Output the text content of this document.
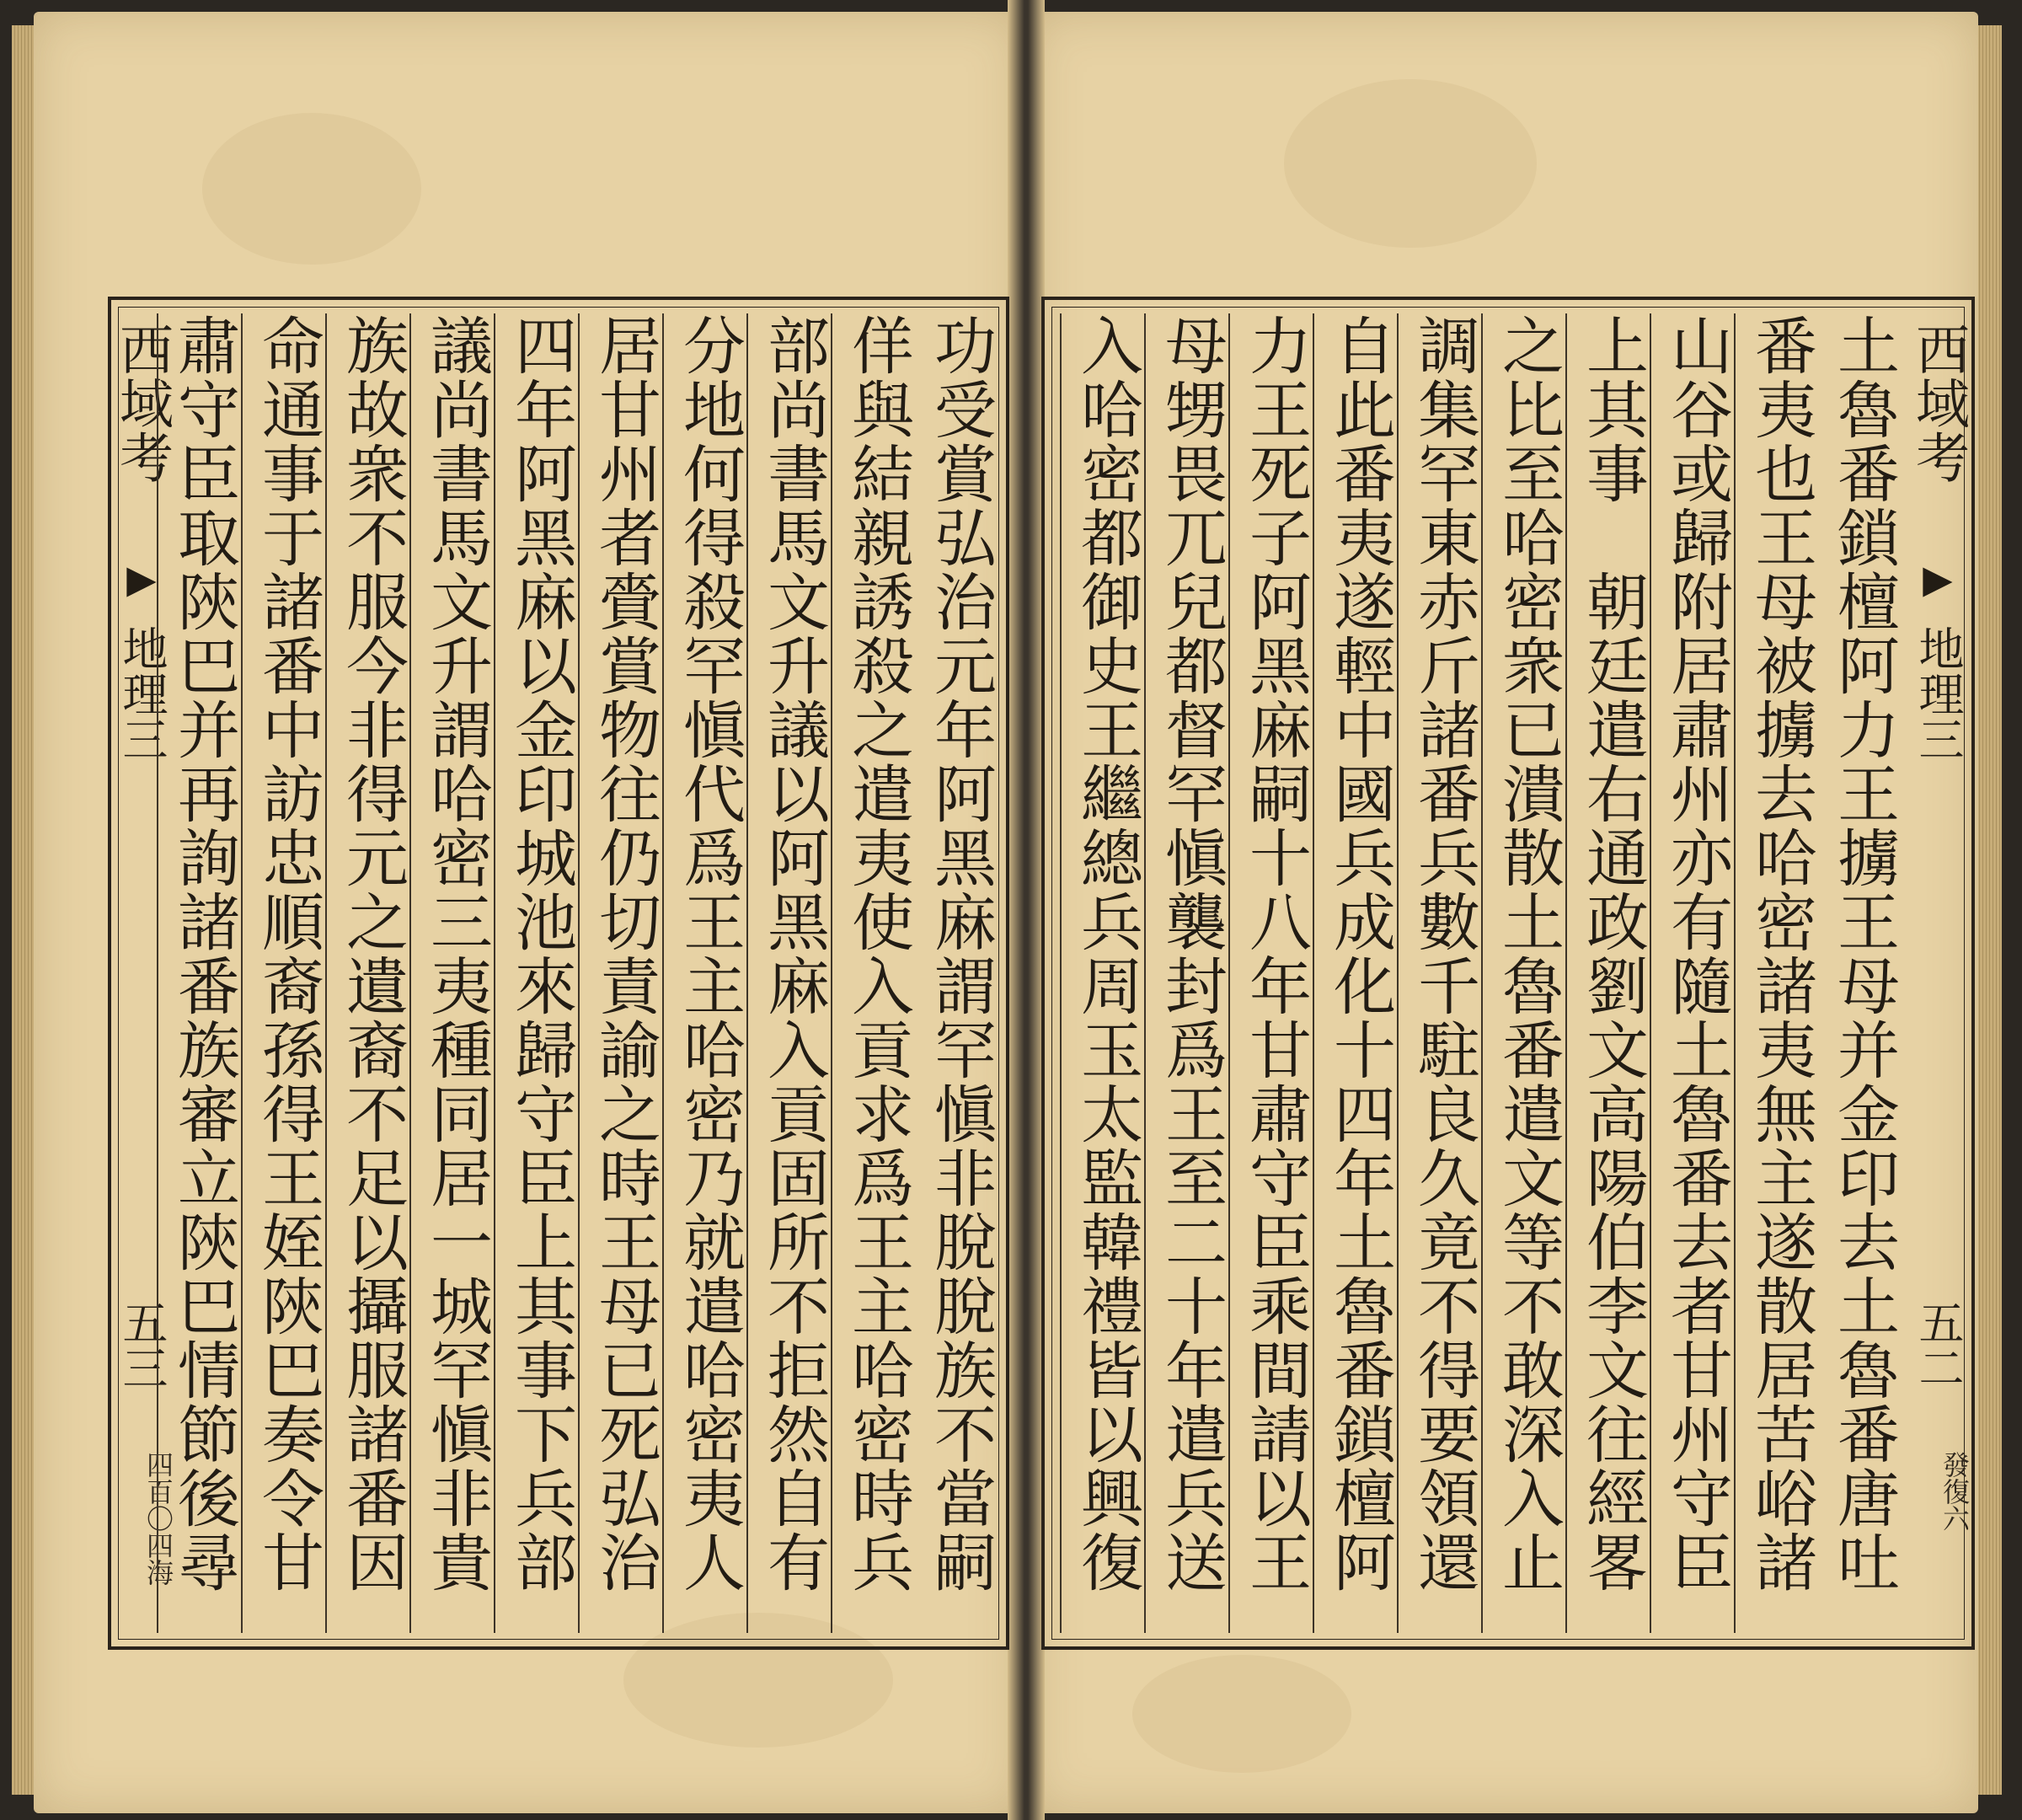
西域考
▶
地理三
五三
四百〇四海	功受賞弘治元年阿黑麻謂罕愼非脫脫族不當嗣
佯與結親誘殺之遣夷使入貢求爲王主哈密時兵
部尚書馬文升議以阿黑麻入貢固所不拒然自有
分地何得殺罕愼代爲王主哈密乃就遣哈密夷人
居甘州者賫賞物往仍切責諭之時王母已死弘治
四年阿黑麻以金印城池來歸守臣上其事下兵部
議尚書馬文升謂哈密三夷種同居一城罕愼非貴
族故衆不服今非得元之遺裔不足以攝服諸番因
命通事于諸番中訪忠順裔孫得王姪陝巴奏令甘
肅守臣取陝巴并再詢諸番族審立陝巴情節後尋	西域考
▶
地理三
五二
發復六
土魯番鎖檀阿力王擄王母并金印去土魯番唐吐
番夷也王母被擄去哈密諸夷無主遂散居苦峪諸
山谷或歸附居肅州亦有隨土魯番去者甘州守臣
上其事　朝廷遣右通政劉文高陽伯李文往經畧
之比至哈密衆已潰散土魯番遣文等不敢深入止
調集罕東赤斤諸番兵數千駐良久竟不得要領還
自此番夷遂輕中國兵成化十四年土魯番鎖檀阿
力王死子阿黑麻嗣十八年甘肅守臣乘間請以王
母甥畏兀兒都督罕愼襲封爲王至二十年遣兵送
入哈密都御史王繼總兵周玉太監韓禮皆以興復
